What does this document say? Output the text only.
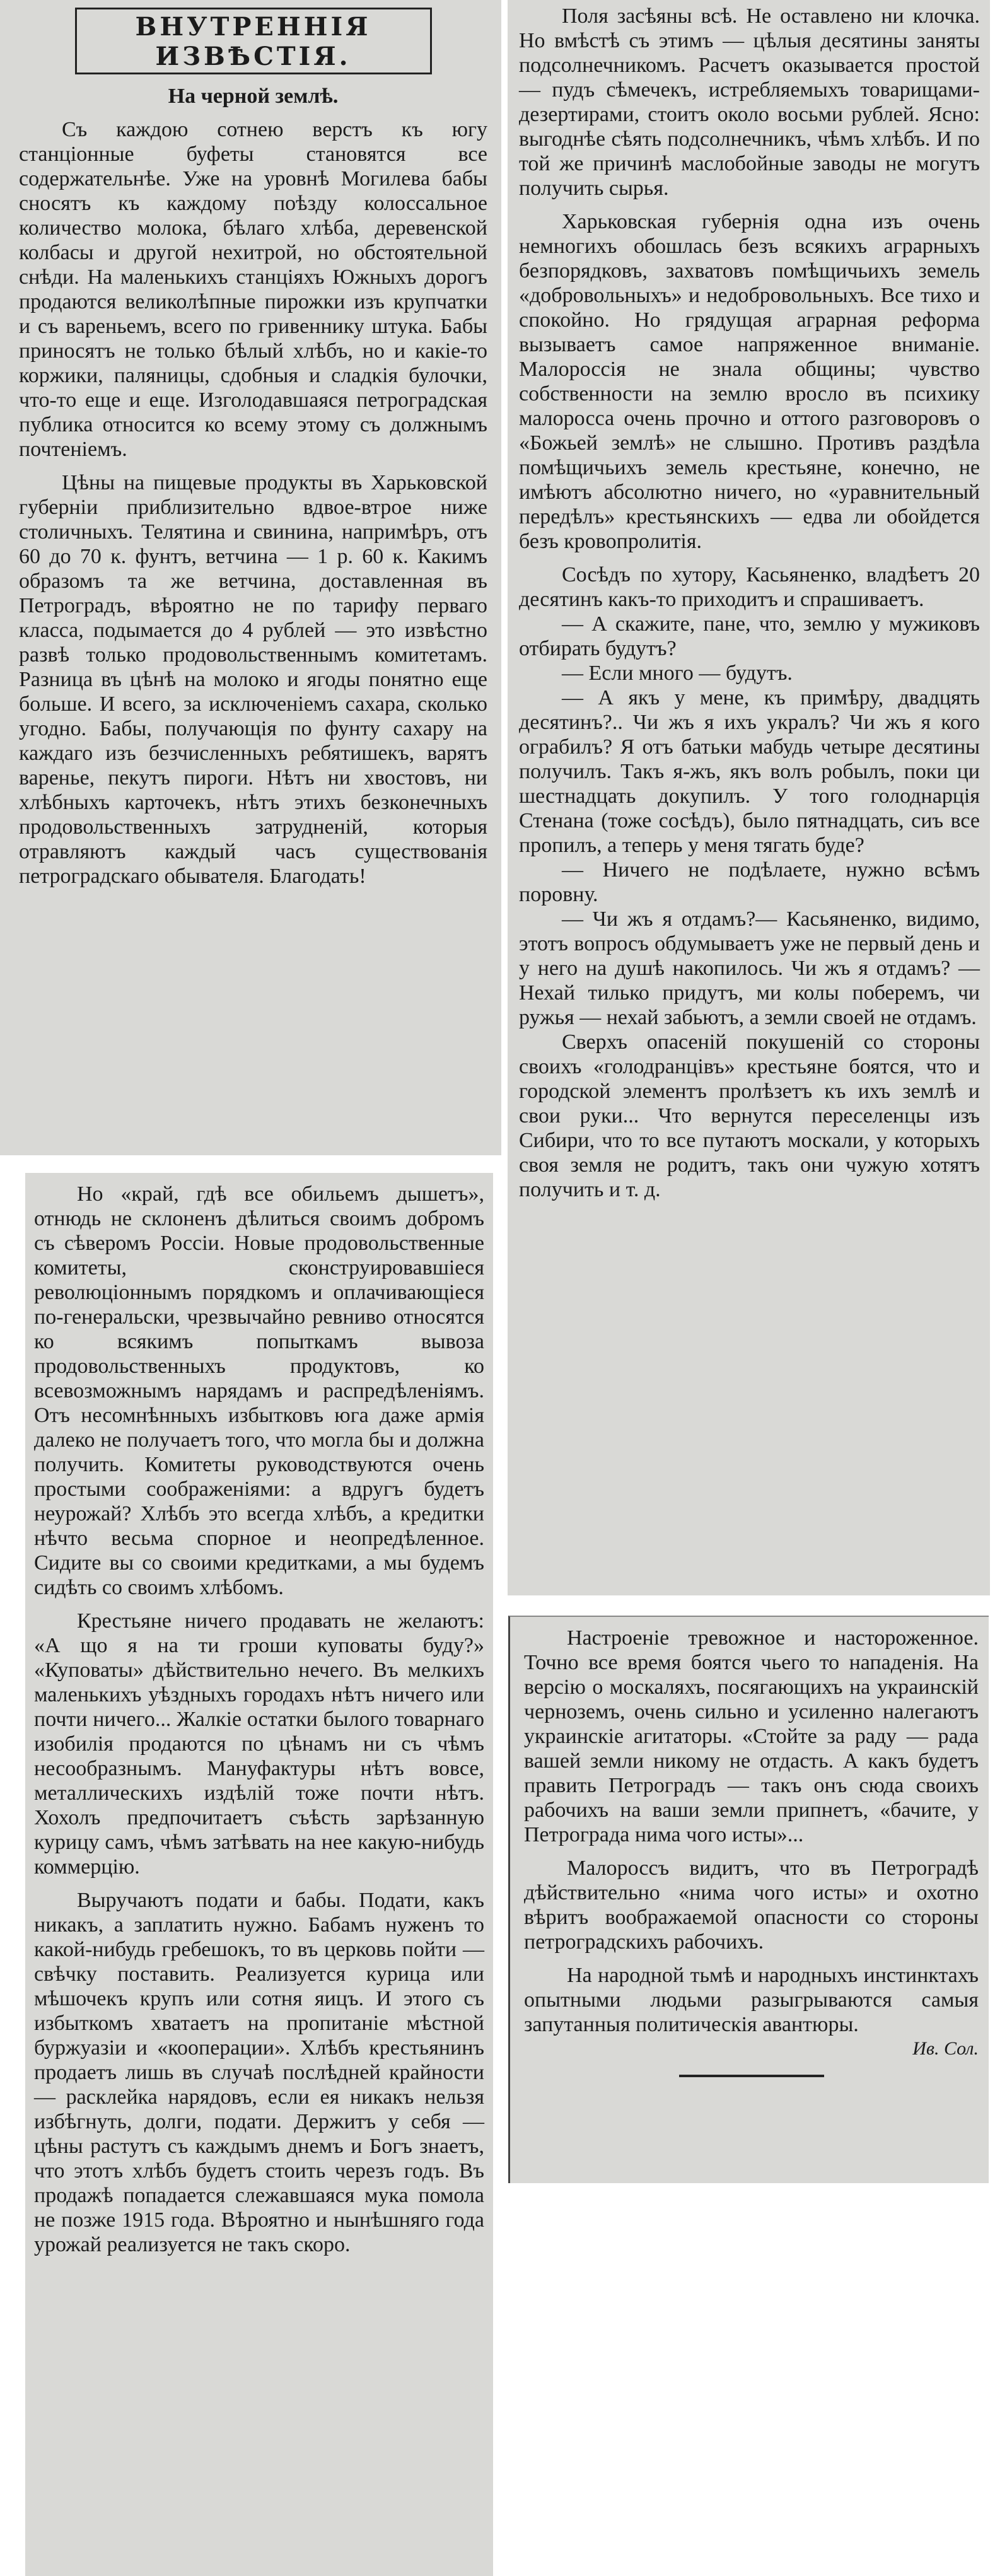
ВНУТРЕННІЯ ИЗВѢСТІЯ.
На черной землѣ.

Съ каждою сотнею верстъ къ югу станціонные буфеты становятся все содержательнѣе. Уже на уровнѣ Могилева бабы сносятъ къ каждому поѣзду колоссальное количество молока, бѣлаго хлѣба, деревенской колбасы и другой нехитрой, но обстоятельной снѣди. На маленькихъ станціяхъ Южныхъ дорогъ продаются великолѣпные пирожки изъ крупчатки и съ вареньемъ, всего по гривеннику штука. Бабы приносятъ не только бѣлый хлѣбъ, но и какіе-то коржики, паляницы, сдобныя и сладкія булочки, что-то еще и еще. Изголодавшаяся петроградская публика относится ко всему этому съ должнымъ почтеніемъ.

Цѣны на пищевые продукты въ Харьковской губерніи приблизительно вдвое-втрое ниже столичныхъ. Телятина и свинина, напримѣръ, отъ 60 до 70 к. фунтъ, ветчина — 1 р. 60 к. Какимъ образомъ та же ветчина, доставленная въ Петроградъ, вѣроятно не по тарифу перваго класса, подымается до 4 рублей — это извѣстно развѣ только продовольственнымъ комитетамъ. Разница въ цѣнѣ на молоко и ягоды понятно еще больше. И всего, за исключеніемъ сахара, сколько угодно. Бабы, получающія по фунту сахару на каждаго изъ безчисленныхъ ребятишекъ, варятъ варенье, пекутъ пироги. Нѣтъ ни хвостовъ, ни хлѣбныхъ карточекъ, нѣтъ этихъ безконечныхъ продовольственныхъ затрудненій, которыя отравляютъ каждый часъ существованія петроградскаго обывателя. Благодать!

Поля засѣяны всѣ. Не оставлено ни клочка. Но вмѣстѣ съ этимъ — цѣлыя десятины заняты подсолнечникомъ. Расчетъ оказывается простой — пудъ сѣмечекъ, истребляемыхъ товарищами-дезертирами, стоитъ около восьми рублей. Ясно: выгоднѣе сѣять подсолнечникъ, чѣмъ хлѣбъ. И по той же причинѣ маслобойные заводы не могутъ получить сырья.

Харьковская губернія одна изъ очень немногихъ обошлась безъ всякихъ аграрныхъ безпорядковъ, захватовъ помѣщичьихъ земель «добровольныхъ» и недобровольныхъ. Все тихо и спокойно. Но грядущая аграрная реформа вызываетъ самое напряженное вниманіе. Малороссія не знала общины; чувство собственности на землю вросло въ психику малоросса очень прочно и оттого разговоровъ о «Божьей землѣ» не слышно. Противъ раздѣла помѣщичьихъ земель крестьяне, конечно, не имѣютъ абсолютно ничего, но «уравнительный передѣлъ» крестьянскихъ — едва ли обойдется безъ кровопролитія.

Сосѣдъ по хутору, Касьяненко, владѣетъ 20 десятинъ какъ-то приходитъ и спрашиваетъ.

— А скажите, пане, что, землю у мужиковъ отбирать будутъ?

— Если много — будутъ.

— А якъ у мене, къ примѣру, двадцять десятинъ?.. Чи жъ я ихъ укралъ? Чи жъ я кого ограбилъ? Я отъ батьки мабудь четыре десятины получилъ. Такъ я-жъ, якъ волъ робылъ, поки ци шестнадцать докупилъ. У того голоднарція Стенана (тоже сосѣдъ), было пятнадцать, сиъ все пропилъ, а теперь у меня тягать буде?

— Ничего не подѣлаете, нужно всѣмъ поровну.

— Чи жъ я отдамъ?— Касьяненко, видимо, этотъ вопросъ обдумываетъ уже не первый день и у него на душѣ накопилось. Чи жъ я отдамъ? — Нехай тилько придутъ, ми колы поберемъ, чи ружья — нехай забьютъ, а земли своей не отдамъ.

Сверхъ опасеній покушеній со стороны своихъ «голодранцівъ» крестьяне боятся, что и городской элементъ пролѣзетъ къ ихъ землѣ и свои руки... Что вернутся переселенцы изъ Сибири, что то все путаютъ москали, у которыхъ своя земля не родитъ, такъ они чужую хотятъ получить и т. д.

Но «край, гдѣ все обильемъ дышетъ», отнюдь не склоненъ дѣлиться своимъ добромъ съ сѣверомъ Россіи. Новые продовольственные комитеты, сконструировавшіеся революціоннымъ порядкомъ и оплачивающіеся по-генеральски, чрезвычайно ревниво относятся ко всякимъ попыткамъ вывоза продовольственныхъ продуктовъ, ко всевозможнымъ нарядамъ и распредѣленіямъ. Отъ несомнѣнныхъ избытковъ юга даже армія далеко не получаетъ того, что могла бы и должна получить. Комитеты руководствуются очень простыми соображеніями: а вдругъ будетъ неурожай? Хлѣбъ это всегда хлѣбъ, а кредитки нѣчто весьма спорное и неопредѣленное. Сидите вы со своими кредитками, а мы будемъ сидѣть со своимъ хлѣбомъ.

Крестьяне ничего продавать не желаютъ: «А що я на ти гроши куповаты буду?» «Куповаты» дѣйствительно нечего. Въ мелкихъ маленькихъ уѣздныхъ городахъ нѣтъ ничего или почти ничего... Жалкіе остатки былого товарнаго изобилія продаются по цѣнамъ ни съ чѣмъ несообразнымъ. Мануфактуры нѣтъ вовсе, металлическихъ издѣлій тоже почти нѣтъ. Хохолъ предпочитаетъ съѣсть зарѣзанную курицу самъ, чѣмъ затѣвать на нее какую-нибудь коммерцію.

Выручаютъ подати и бабы. Подати, какъ никакъ, а заплатить нужно. Бабамъ нуженъ то какой-нибудь гребешокъ, то въ церковь пойти — свѣчку поставить. Реализуется курица или мѣшочекъ крупъ или сотня яицъ. И этого съ избыткомъ хватаетъ на пропитаніе мѣстной буржуазіи и «кооперации». Хлѣбъ крестьянинъ продаетъ лишь въ случаѣ послѣдней крайности — расклейка нарядовъ, если ея никакъ нельзя избѣгнуть, долги, подати. Держитъ у себя — цѣны растутъ съ каждымъ днемъ и Богъ знаетъ, что этотъ хлѣбъ будетъ стоить черезъ годъ. Въ продажѣ попадается слежавшаяся мука помола не позже 1915 года. Вѣроятно и нынѣшняго года урожай реализуется не такъ скоро.

Настроеніе тревожное и настороженное. Точно все время боятся чьего то нападенія. На версію о москаляхъ, посягающихъ на украинскій черноземъ, очень сильно и усиленно налегаютъ украинскіе агитаторы. «Стойте за раду — рада вашей земли никому не отдасть. А какъ будетъ править Петроградъ — такъ онъ сюда своихъ рабочихъ на ваши земли припнетъ, «бачите, у Петрограда нима чого исты»...

Малороссъ видитъ, что въ Петроградѣ дѣйствительно «нима чого исты» и охотно вѣритъ воображаемой опасности со стороны петроградскихъ рабочихъ.

На народной тьмѣ и народныхъ инстинктахъ опытными людьми разыгрываются самыя запутанныя политическія авантюры.

Ив. Сол.
